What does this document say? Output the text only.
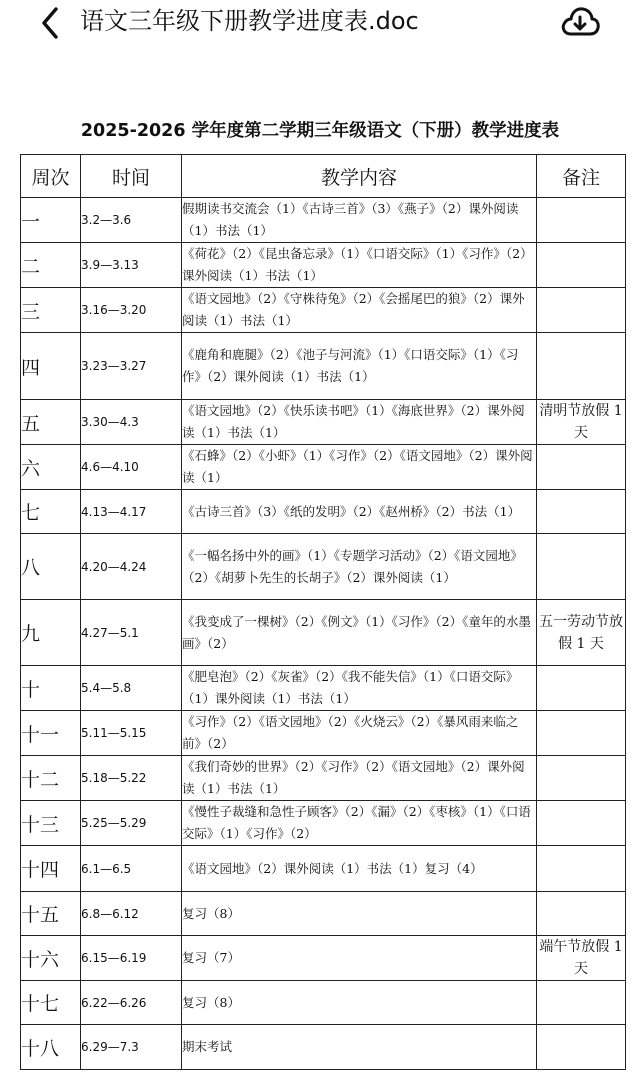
语文三年级下册教学进度表.doc
2025-2026 学年度第二学期三年级语文（下册）教学进度表
周次	时间	教学内容	备注
一	3.2—3.6	假期读书交流会（1）《古诗三首》（3）《燕子》（2）课外阅读（1）书法（1）	
二	3.9—3.13	《荷花》（2）《昆虫备忘录》（1）《口语交际》（1）《习作》（2）课外阅读（1）书法（1）	
三	3.16—3.20	《语文园地》（2）《守株待兔》（2）《会摇尾巴的狼》（2）课外阅读（1）书法（1）	
四	3.23—3.27	《鹿角和鹿腿》（2）《池子与河流》（1）《口语交际》（1）《习作》（2）课外阅读（1）书法（1）	
五	3.30—4.3	《语文园地》（2）《快乐读书吧》（1）《海底世界》（2）课外阅读（1）书法（1）	清明节放假 1 天
六	4.6—4.10	《石蜂》（2）《小虾》（1）《习作》（2）《语文园地》（2）课外阅读（1）	
七	4.13—4.17	《古诗三首》（3）《纸的发明》（2）《赵州桥》（2）书法（1）	
八	4.20—4.24	《一幅名扬中外的画》（1）《专题学习活动》（2）《语文园地》（2）《胡萝卜先生的长胡子》（2）课外阅读（1）	
九	4.27—5.1	《我变成了一棵树》（2）《例文》（1）《习作》（2）《童年的水墨画》（2）	五一劳动节放假 1 天
十	5.4—5.8	《肥皂泡》（2）《灰雀》（2）《我不能失信》（1）《口语交际》（1）课外阅读（1）书法（1）	
十一	5.11—5.15	《习作》（2）《语文园地》（2）《火烧云》（2）《暴风雨来临之前》（2）	
十二	5.18—5.22	《我们奇妙的世界》（2）《习作》（2）《语文园地》（2）课外阅读（1）书法（1）	
十三	5.25—5.29	《慢性子裁缝和急性子顾客》（2）《漏》（2）《枣核》（1）《口语交际》（1）《习作》（2）	
十四	6.1—6.5	《语文园地》（2）课外阅读（1）书法（1）复习（4）	
十五	6.8—6.12	复习（8）	
十六	6.15—6.19	复习（7）	端午节放假 1 天
十七	6.22—6.26	复习（8）	
十八	6.29—7.3	期末考试	
